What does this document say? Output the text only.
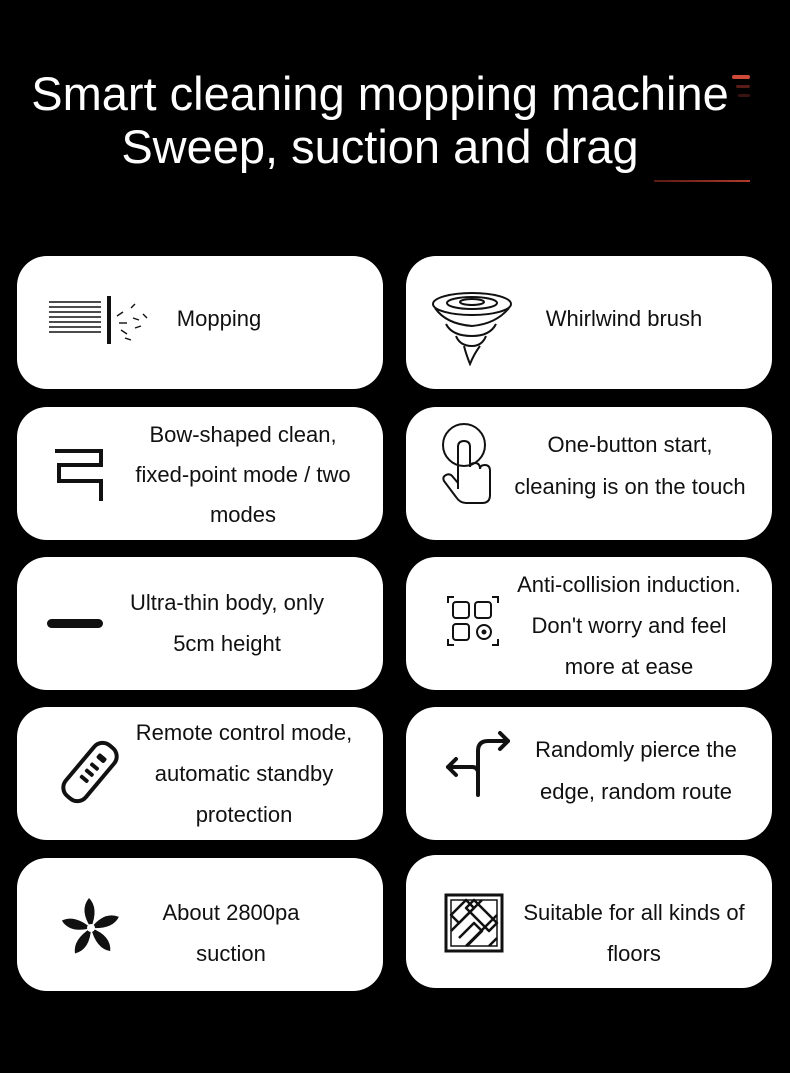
Smart cleaning mopping machine
Sweep, suction and drag
Mopping	Whirlwind brush
Bow-shaped clean,
fixed-point mode / two
modes
One-button start,
cleaning is on the touch
Ultra-thin body, only
5cm height
Anti-collision induction.
Don't worry and feel
more at ease
Remote control mode,
automatic standby
protection
Randomly pierce the
edge, random route
About 2800pa
suction
Suitable for all kinds of
floors
